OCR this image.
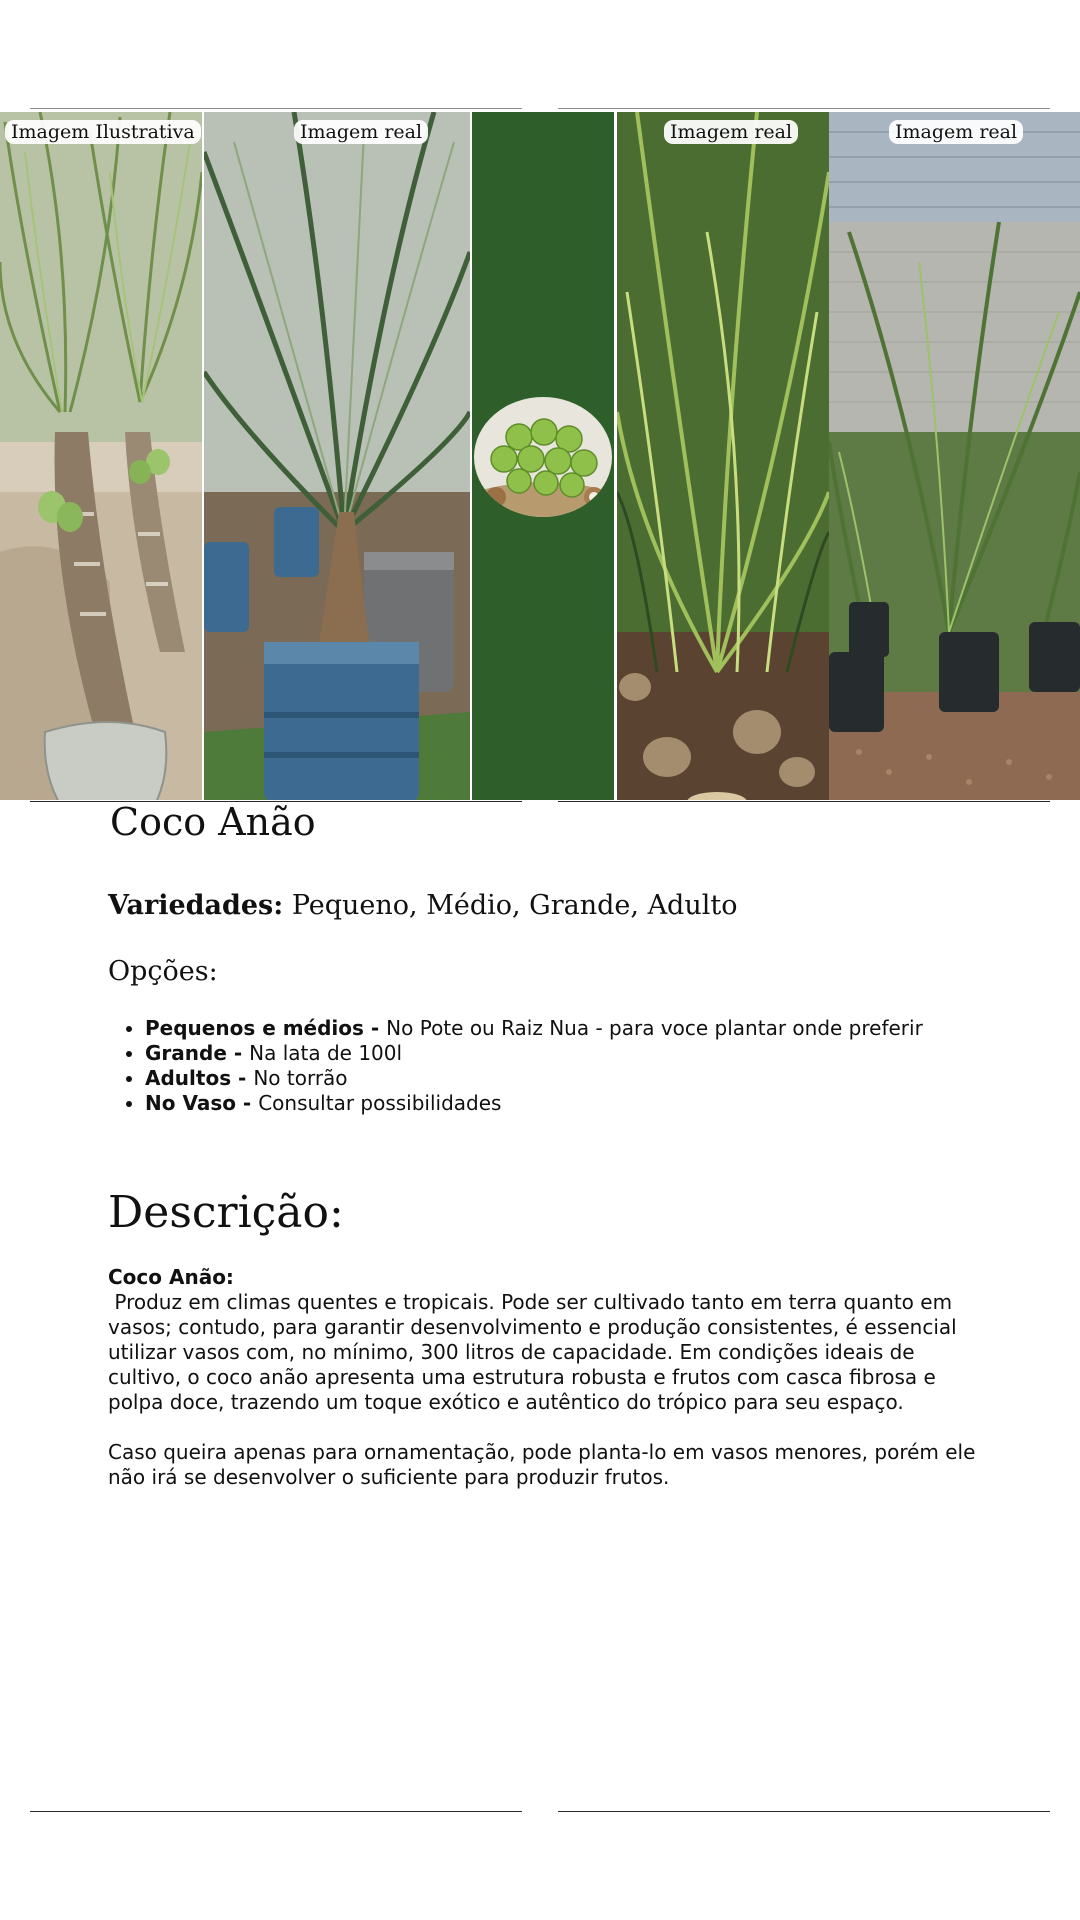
Imagem Ilustrativa	Imagem real	Imagem real	Imagem real
Coco Anão

Variedades: Pequeno, Médio, Grande, Adulto

Opções:
• Pequenos e médios - No Pote ou Raiz Nua - para voce plantar onde preferir
• Grande - Na lata de 100l
• Adultos - No torrão
• No Vaso - Consultar possibilidades
Descrição:

Coco Anão:

Produz em climas quentes e tropicais. Pode ser cultivado tanto em terra quanto em

vasos; contudo, para garantir desenvolvimento e produção consistentes, é essencial

utilizar vasos com, no mínimo, 300 litros de capacidade. Em condições ideais de

cultivo, o coco anão apresenta uma estrutura robusta e frutos com casca fibrosa e

polpa doce, trazendo um toque exótico e autêntico do trópico para seu espaço.

Caso queira apenas para ornamentação, pode planta-lo em vasos menores, porém ele

não irá se desenvolver o suficiente para produzir frutos.
